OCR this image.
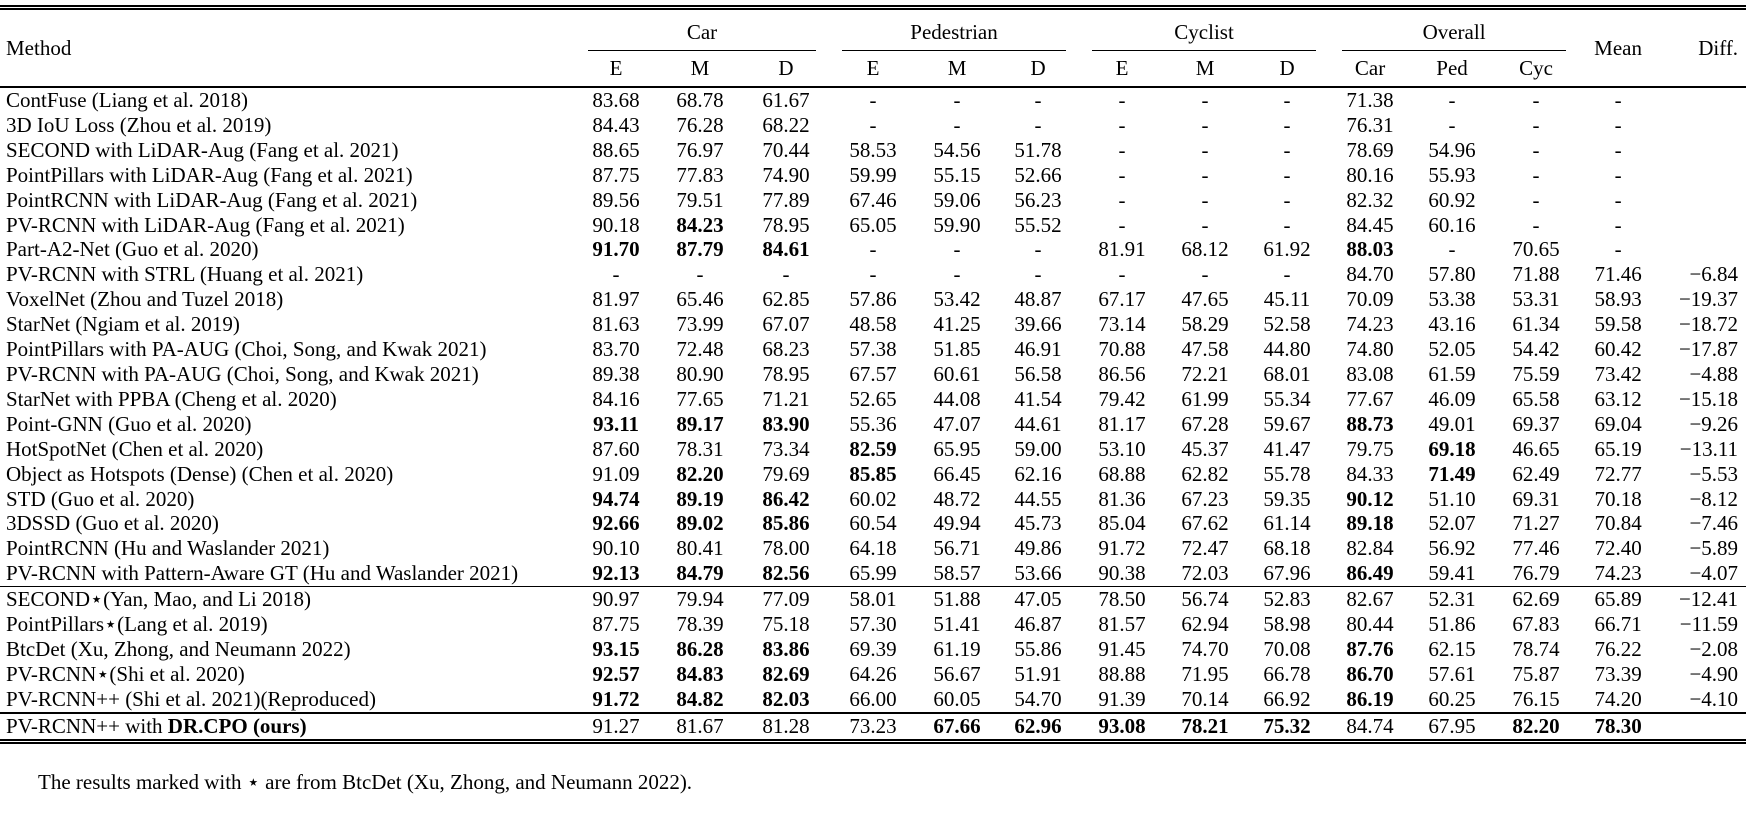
Method	Car			Pedestrian			Cyclist			Overall			Mean	Diff.
	E	M	D	E	M	D	E	M	D	Car	Ped	Cyc		
ContFuse (Liang et al. 2018)	83.68	68.78	61.67	-	-	-	-	-	-	71.38	-	-	-	
3D IoU Loss (Zhou et al. 2019)	84.43	76.28	68.22	-	-	-	-	-	-	76.31	-	-	-	
SECOND with LiDAR-Aug (Fang et al. 2021)	88.65	76.97	70.44	58.53	54.56	51.78	-	-	-	78.69	54.96	-	-	
PointPillars with LiDAR-Aug (Fang et al. 2021)	87.75	77.83	74.90	59.99	55.15	52.66	-	-	-	80.16	55.93	-	-	
PointRCNN with LiDAR-Aug (Fang et al. 2021)	89.56	79.51	77.89	67.46	59.06	56.23	-	-	-	82.32	60.92	-	-	
PV-RCNN with LiDAR-Aug (Fang et al. 2021)	90.18	84.23	78.95	65.05	59.90	55.52	-	-	-	84.45	60.16	-	-	
Part-A2-Net (Guo et al. 2020)	91.70	87.79	84.61	-	-	-	81.91	68.12	61.92	88.03	-	70.65	-	
PV-RCNN with STRL (Huang et al. 2021)	-	-	-	-	-	-	-	-	-	84.70	57.80	71.88	71.46	−6.84
VoxelNet (Zhou and Tuzel 2018)	81.97	65.46	62.85	57.86	53.42	48.87	67.17	47.65	45.11	70.09	53.38	53.31	58.93	−19.37
StarNet (Ngiam et al. 2019)	81.63	73.99	67.07	48.58	41.25	39.66	73.14	58.29	52.58	74.23	43.16	61.34	59.58	−18.72
PointPillars with PA-AUG (Choi, Song, and Kwak 2021)	83.70	72.48	68.23	57.38	51.85	46.91	70.88	47.58	44.80	74.80	52.05	54.42	60.42	−17.87
PV-RCNN with PA-AUG (Choi, Song, and Kwak 2021)	89.38	80.90	78.95	67.57	60.61	56.58	86.56	72.21	68.01	83.08	61.59	75.59	73.42	−4.88
StarNet with PPBA (Cheng et al. 2020)	84.16	77.65	71.21	52.65	44.08	41.54	79.42	61.99	55.34	77.67	46.09	65.58	63.12	−15.18
Point-GNN (Guo et al. 2020)	93.11	89.17	83.90	55.36	47.07	44.61	81.17	67.28	59.67	88.73	49.01	69.37	69.04	−9.26
HotSpotNet (Chen et al. 2020)	87.60	78.31	73.34	82.59	65.95	59.00	53.10	45.37	41.47	79.75	69.18	46.65	65.19	−13.11
Object as Hotspots (Dense) (Chen et al. 2020)	91.09	82.20	79.69	85.85	66.45	62.16	68.88	62.82	55.78	84.33	71.49	62.49	72.77	−5.53
STD (Guo et al. 2020)	94.74	89.19	86.42	60.02	48.72	44.55	81.36	67.23	59.35	90.12	51.10	69.31	70.18	−8.12
3DSSD (Guo et al. 2020)	92.66	89.02	85.86	60.54	49.94	45.73	85.04	67.62	61.14	89.18	52.07	71.27	70.84	−7.46
PointRCNN (Hu and Waslander 2021)	90.10	80.41	78.00	64.18	56.71	49.86	91.72	72.47	68.18	82.84	56.92	77.46	72.40	−5.89
PV-RCNN with Pattern-Aware GT (Hu and Waslander 2021)	92.13	84.79	82.56	65.99	58.57	53.66	90.38	72.03	67.96	86.49	59.41	76.79	74.23	−4.07
SECOND⋆(Yan, Mao, and Li 2018)	90.97	79.94	77.09	58.01	51.88	47.05	78.50	56.74	52.83	82.67	52.31	62.69	65.89	−12.41
PointPillars⋆(Lang et al. 2019)	87.75	78.39	75.18	57.30	51.41	46.87	81.57	62.94	58.98	80.44	51.86	67.83	66.71	−11.59
BtcDet (Xu, Zhong, and Neumann 2022)	93.15	86.28	83.86	69.39	61.19	55.86	91.45	74.70	70.08	87.76	62.15	78.74	76.22	−2.08
PV-RCNN⋆(Shi et al. 2020)	92.57	84.83	82.69	64.26	56.67	51.91	88.88	71.95	66.78	86.70	57.61	75.87	73.39	−4.90
PV-RCNN++ (Shi et al. 2021)(Reproduced)	91.72	84.82	82.03	66.00	60.05	54.70	91.39	70.14	66.92	86.19	60.25	76.15	74.20	−4.10
PV-RCNN++ with DR.CPO (ours)	91.27	81.67	81.28	73.23	67.66	62.96	93.08	78.21	75.32	84.74	67.95	82.20	78.30	
The results marked with ⋆ are from BtcDet (Xu, Zhong, and Neumann 2022).
